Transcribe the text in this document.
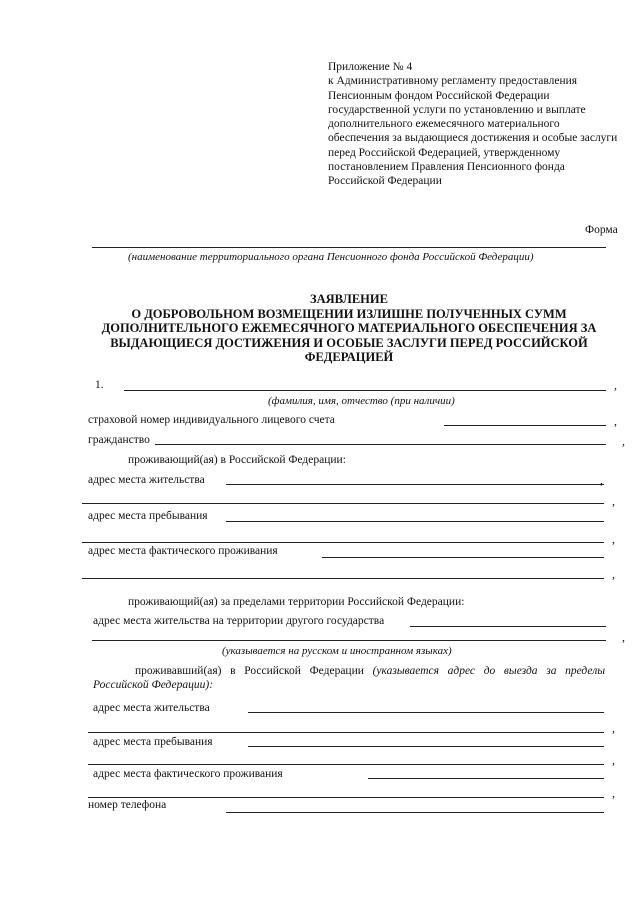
Приложение № 4
к Административному регламенту предоставления Пенсионным фондом Российской Федерации государственной услуги по установлению и выплате дополнительного ежемесячного материального обеспечения за выдающиеся достижения и особые заслуги перед Российской Федерацией, утвержденному постановлением Правления Пенсионного фонда Российской Федерации
Форма
(наименование территориального органа Пенсионного фонда Российской Федерации)
ЗАЯВЛЕНИЕ
О ДОБРОВОЛЬНОМ ВОЗМЕЩЕНИИ ИЗЛИШНЕ ПОЛУЧЕННЫХ СУММ ДОПОЛНИТЕЛЬНОГО ЕЖЕМЕСЯЧНОГО МАТЕРИАЛЬНОГО ОБЕСПЕЧЕНИЯ ЗА ВЫДАЮЩИЕСЯ ДОСТИЖЕНИЯ И ОСОБЫЕ ЗАСЛУГИ ПЕРЕД РОССИЙСКОЙ ФЕДЕРАЦИЕЙ
1.	,
(фамилия, имя, отчество (при наличии)
страховой номер индивидуального лицевого счета	,
гражданство	,
проживающий(ая) в Российской Федерации:
адрес места жительства	,
,
адрес места пребывания
,
адрес места фактического проживания
,
проживающий(ая) за пределами территории Российской Федерации:
адрес места жительства на территории другого государства
,
(указывается на русском и иностранном языках)
проживавший(ая) в Российской Федерации (указывается адрес до выезда за пределы Российской Федерации):
адрес места жительства
,
адрес места пребывания
,
адрес места фактического проживания
,
номер телефона
